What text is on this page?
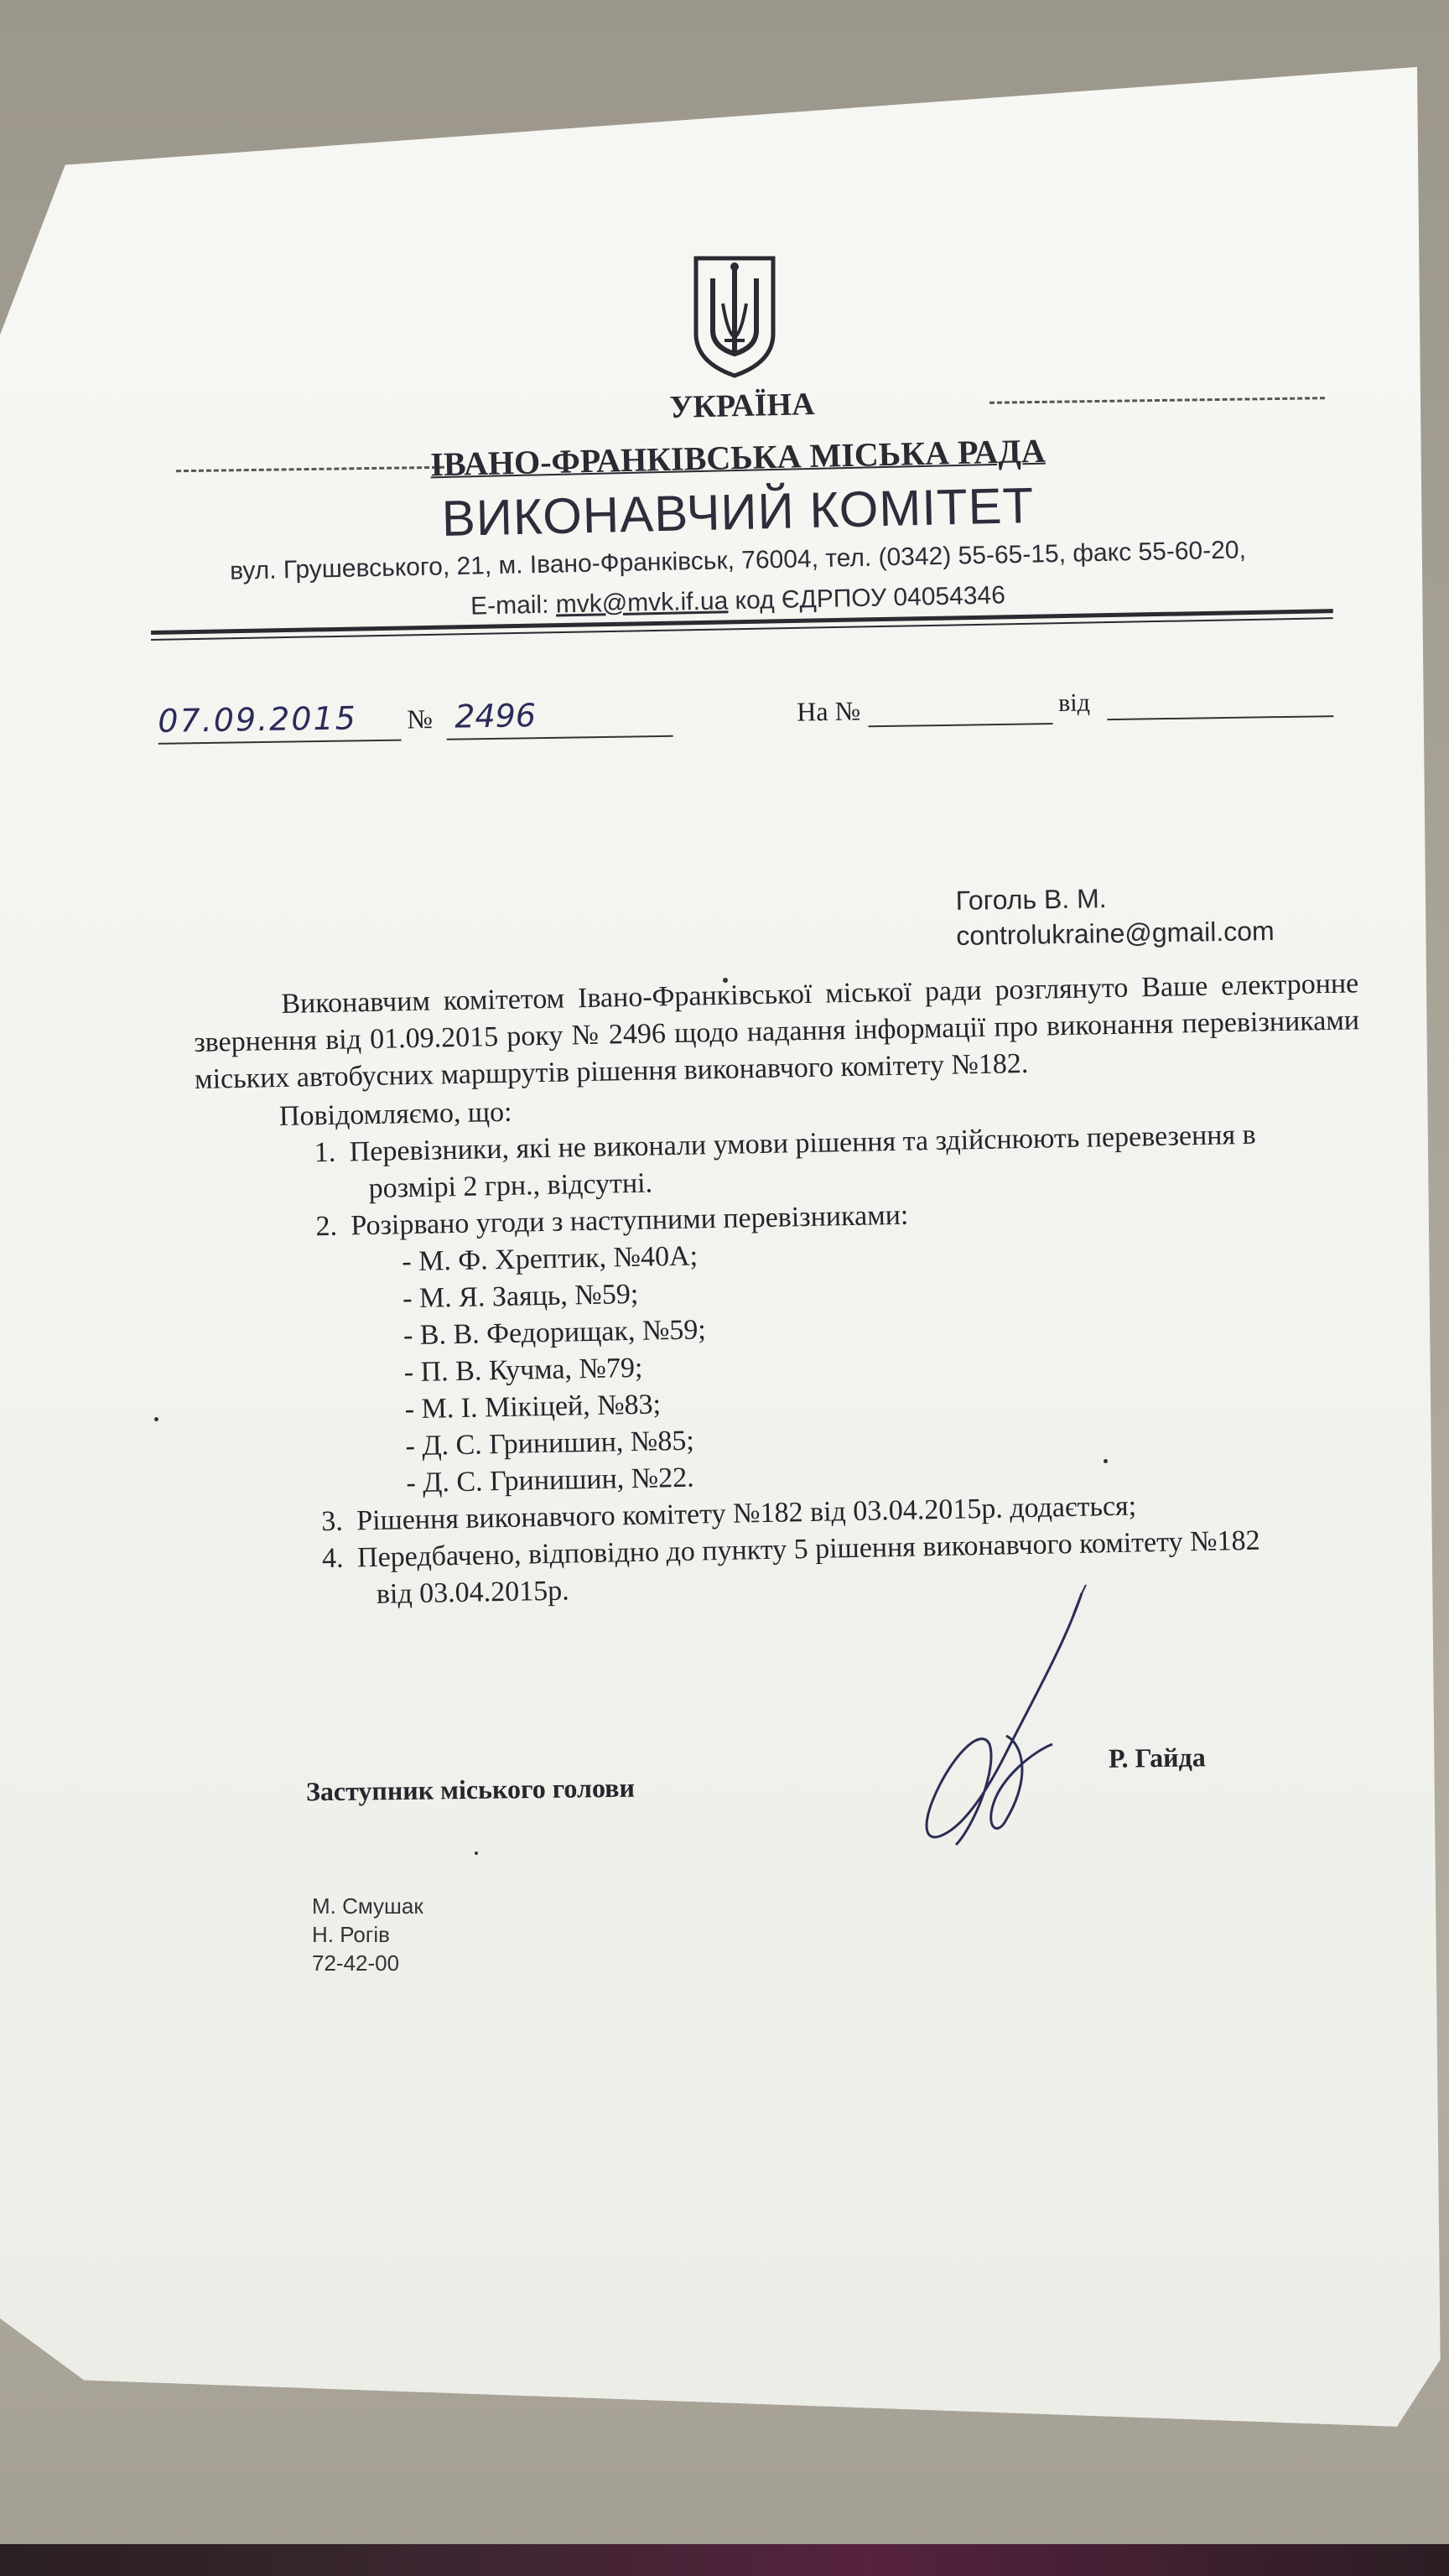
УКРАЇНА
ІВАНО-ФРАНКІВСЬКА МІСЬКА РАДА
ВИКОНАВЧИЙ КОМІТЕТ
вул. Грушевського, 21, м. Івано-Франківськ, 76004, тел. (0342) 55-65-15, факс 55-60-20,
E-mail: mvk@mvk.if.ua код ЄДРПОУ 04054346
07.09.2015	№ 2496	На №	від
Гоголь В. М.
controlukraine@gmail.com

Виконавчим комітетом Івано-Франківської міської ради розглянуто Ваше електронне звернення від 01.09.2015 року № 2496 щодо надання інформації про виконання перевізниками міських автобусних маршрутів рішення виконавчого комітету №182.

Повідомляємо, що:
1. Перевізники, які не виконали умови рішення та здійснюють перевезення в
розмірі 2 грн., відсутні.
2. Розірвано угоди з наступними перевізниками:
- М. Ф. Хрептик, №40А;
- М. Я. Заяць, №59;
- В. В. Федорищак, №59;
- П. В. Кучма, №79;
- М. І. Мікіцей, №83;
- Д. С. Гринишин, №85;
- Д. С. Гринишин, №22.
3. Рішення виконавчого комітету №182 від 03.04.2015р. додається;
4. Передбачено, відповідно до пункту 5 рішення виконавчого комітету №182
від 03.04.2015р.
Р. Гайда
Заступник міського голови
М. Смушак
Н. Рогів
72-42-00
